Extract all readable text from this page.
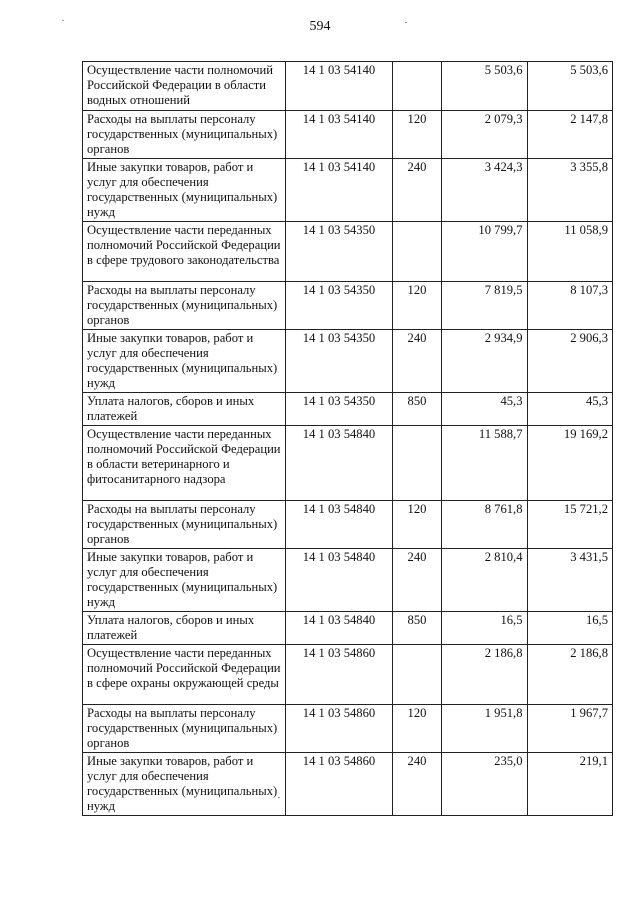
594
Осуществление части полномочий Российской Федерации в области водных отношений	14 1 03 54140		5 503,6	5 503,6
Расходы на выплаты персоналу государственных (муниципальных) органов	14 1 03 54140	120	2 079,3	2 147,8
Иные закупки товаров, работ и услуг для обеспечения государственных (муниципальных) нужд	14 1 03 54140	240	3 424,3	3 355,8
Осуществление части переданных полномочий Российской Федерации в сфере трудового законодательства	14 1 03 54350		10 799,7	11 058,9
Расходы на выплаты персоналу государственных (муниципальных) органов	14 1 03 54350	120	7 819,5	8 107,3
Иные закупки товаров, работ и услуг для обеспечения государственных (муниципальных) нужд	14 1 03 54350	240	2 934,9	2 906,3
Уплата налогов, сборов и иных платежей	14 1 03 54350	850	45,3	45,3
Осуществление части переданных полномочий Российской Федерации в области ветеринарного и фитосанитарного надзора	14 1 03 54840		11 588,7	19 169,2
Расходы на выплаты персоналу государственных (муниципальных) органов	14 1 03 54840	120	8 761,8	15 721,2
Иные закупки товаров, работ и услуг для обеспечения государственных (муниципальных) нужд	14 1 03 54840	240	2 810,4	3 431,5
Уплата налогов, сборов и иных платежей	14 1 03 54840	850	16,5	16,5
Осуществление части переданных полномочий Российской Федерации в сфере охраны окружающей среды	14 1 03 54860		2 186,8	2 186,8
Расходы на выплаты персоналу государственных (муниципальных) органов	14 1 03 54860	120	1 951,8	1 967,7
Иные закупки товаров, работ и услуг для обеспечения государственных (муниципальных) нужд	14 1 03 54860	240	235,0	219,1
